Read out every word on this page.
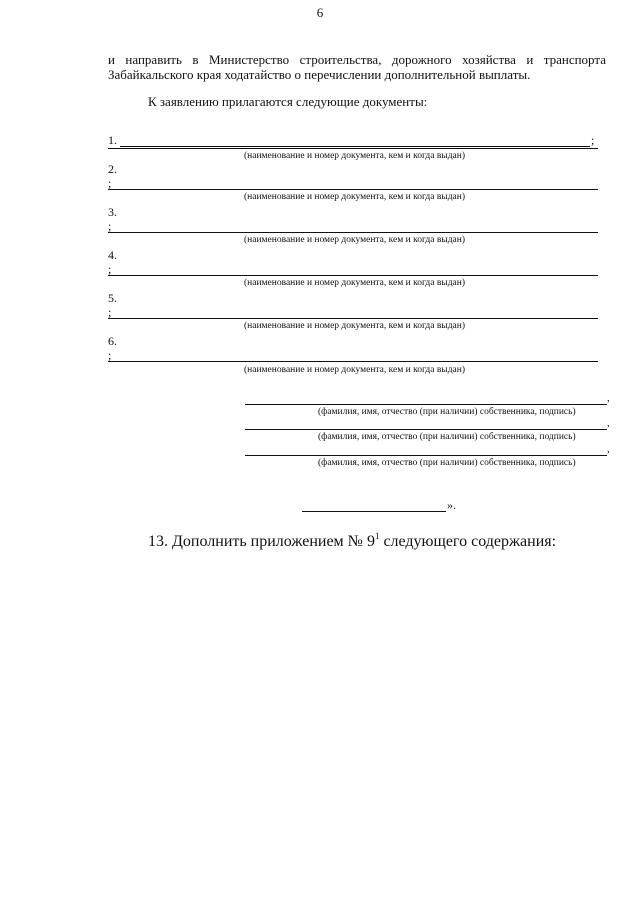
6
и направить в Министерство строительства, дорожного хозяйства и транспорта
Забайкальского края ходатайство о перечислении дополнительной выплаты.
К заявлению прилагаются следующие документы:
1.	;
(наименование и номер документа, кем и когда выдан)
2.
;
(наименование и номер документа, кем и когда выдан)
3.
;
(наименование и номер документа, кем и когда выдан)
4.
;
(наименование и номер документа, кем и когда выдан)
5.
;
(наименование и номер документа, кем и когда выдан)
6.
;
(наименование и номер документа, кем и когда выдан)
,
(фамилия, имя, отчество (при наличии) собственника, подпись)
,
(фамилия, имя, отчество (при наличии) собственника, подпись)
,
(фамилия, имя, отчество (при наличии) собственника, подпись)
».
13. Дополнить приложением № $9^1$ следующего содержания:
